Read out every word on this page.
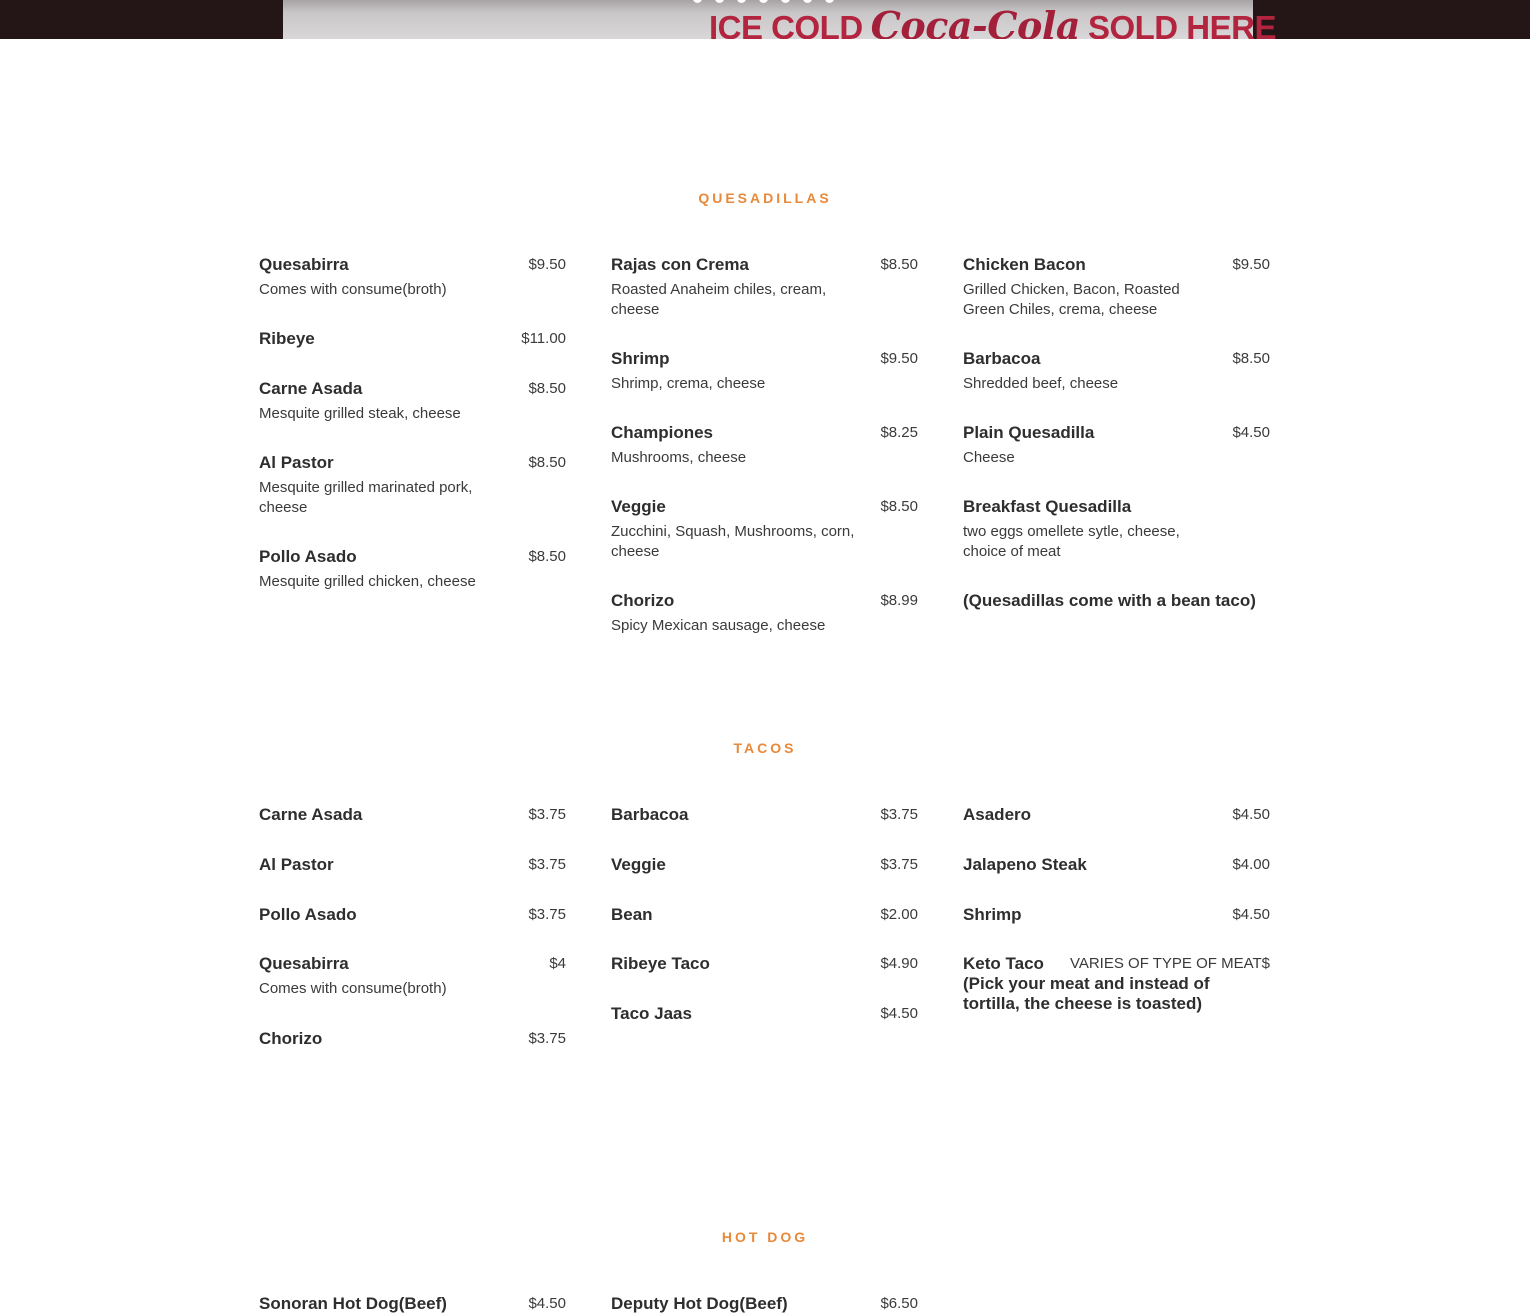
ICE COLD Coca-Cola SOLD HERE
QUESADILLAS
Quesabirra	$9.50
Comes with consume(broth)
Ribeye	$11.00
Carne Asada	$8.50
Mesquite grilled steak, cheese
Al Pastor	$8.50
Mesquite grilled marinated pork, cheese
Pollo Asado	$8.50
Mesquite grilled chicken, cheese
Rajas con Crema	$8.50
Roasted Anaheim chiles, cream, cheese
Shrimp	$9.50
Shrimp, crema, cheese
Championes	$8.25
Mushrooms, cheese
Veggie	$8.50
Zucchini, Squash, Mushrooms, corn, cheese
Chorizo	$8.99
Spicy Mexican sausage, cheese
Chicken Bacon	$9.50
Grilled Chicken, Bacon, Roasted Green Chiles, crema, cheese
Barbacoa	$8.50
Shredded beef, cheese
Plain Quesadilla	$4.50
Cheese
Breakfast Quesadilla
two eggs omellete sytle, cheese, choice of meat
(Quesadillas come with a bean taco)
TACOS
Carne Asada	$3.75
Al Pastor	$3.75
Pollo Asado	$3.75
Quesabirra	$4
Comes with consume(broth)
Chorizo	$3.75
Barbacoa	$3.75
Veggie	$3.75
Bean	$2.00
Ribeye Taco	$4.90
Taco Jaas	$4.50
Asadero	$4.50
Jalapeno Steak	$4.00
Shrimp	$4.50
Keto Taco VARIES OF TYPE OF MEAT$
(Pick your meat and instead of tortilla, the cheese is toasted)
HOT DOG
Sonoran Hot Dog(Beef)	$4.50	Deputy Hot Dog(Beef)	$6.50
